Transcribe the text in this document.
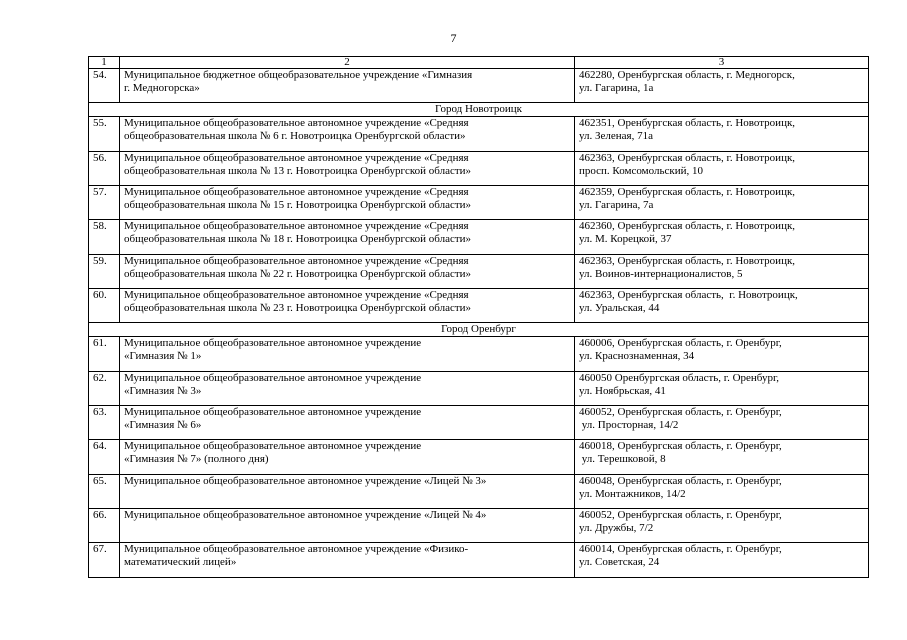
7
1	2	3
54.	Муниципальное бюджетное общеобразовательное учреждение «Гимназия
г. Медногорска»	462280, Оренбургская область, г. Медногорск,
ул. Гагарина, 1а

Город Новотроицк		
55.	Муниципальное общеобразовательное автономное учреждение «Средняя
общеобразовательная школа № 6 г. Новотроицка Оренбургской области»	462351, Оренбургская область, г. Новотроицк,
ул. Зеленая, 71а

56.	Муниципальное общеобразовательное автономное учреждение «Средняя
общеобразовательная школа № 13 г. Новотроицка Оренбургской области»	462363, Оренбургская область, г. Новотроицк,
просп. Комсомольский, 10

57.	Муниципальное общеобразовательное автономное учреждение «Средняя
общеобразовательная школа № 15 г. Новотроицка Оренбургской области»	462359, Оренбургская область, г. Новотроицк,
ул. Гагарина, 7а

58.	Муниципальное общеобразовательное автономное учреждение «Средняя
общеобразовательная школа № 18 г. Новотроицка Оренбургской области»	462360, Оренбургская область, г. Новотроицк,
ул. М. Корецкой, 37

59.	Муниципальное общеобразовательное автономное учреждение «Средняя
общеобразовательная школа № 22 г. Новотроицка Оренбургской области»	462363, Оренбургская область, г. Новотроицк,
ул. Воинов-интернационалистов, 5

60.	Муниципальное общеобразовательное автономное учреждение «Средняя
общеобразовательная школа № 23 г. Новотроицка Оренбургской области»	462363, Оренбургская область,  г. Новотроицк,
ул. Уральская, 44

Город Оренбург		
61.	Муниципальное общеобразовательное автономное учреждение
«Гимназия № 1»	460006, Оренбургская область, г. Оренбург,
ул. Краснознаменная, 34

62.	Муниципальное общеобразовательное автономное учреждение
«Гимназия № 3»	460050 Оренбургская область, г. Оренбург,
ул. Ноябрьская, 41

63.	Муниципальное общеобразовательное автономное учреждение
«Гимназия № 6»	460052, Оренбургская область, г. Оренбург,
ул. Просторная, 14/2

64.	Муниципальное общеобразовательное автономное учреждение
«Гимназия № 7» (полного дня)	460018, Оренбургская область, г. Оренбург,
ул. Терешковой, 8

65.	Муниципальное общеобразовательное автономное учреждение «Лицей № 3»	460048, Оренбургская область, г. Оренбург,
ул. Монтажников, 14/2

66.	Муниципальное общеобразовательное автономное учреждение «Лицей № 4»	460052, Оренбургская область, г. Оренбург,
ул. Дружбы, 7/2

67.	Муниципальное общеобразовательное автономное учреждение «Физико-
математический лицей»	460014, Оренбургская область, г. Оренбург,
ул. Советская, 24
